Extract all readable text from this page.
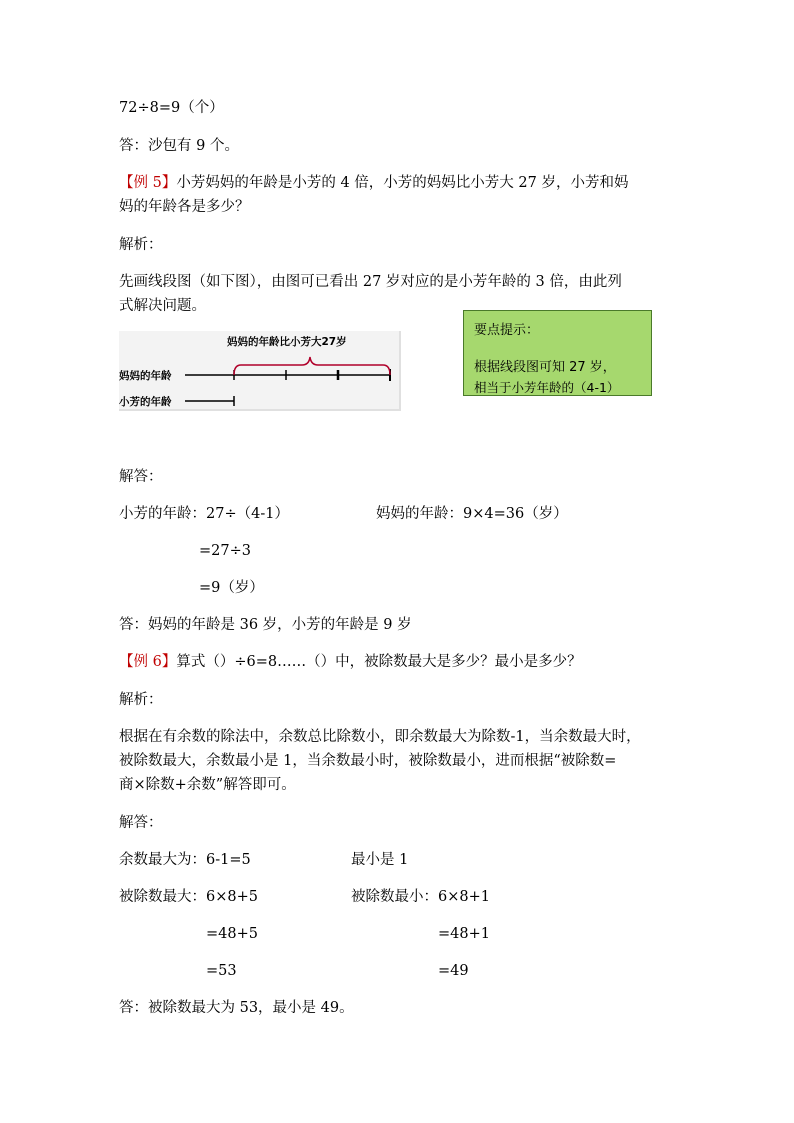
72÷8=9（个）
答：沙包有 9 个。
【例 5】小芳妈妈的年龄是小芳的 4 倍，小芳的妈妈比小芳大 27 岁，小芳和妈
妈的年龄各是多少？
解析：
先画线段图（如下图），由图可已看出 27 岁对应的是小芳年龄的 3 倍，由此列
式解决问题。
妈妈的年龄比小芳大27岁
妈妈的年龄
小芳的年龄
要点提示：
根据线段图可知 27 岁，
相当于小芳年龄的（4-1）
解答：
小芳的年龄：27÷（4-1）	妈妈的年龄：9×4=36（岁）
=27÷3
=9（岁）
答：妈妈的年龄是 36 岁，小芳的年龄是 9 岁
【例 6】算式（）÷6=8……（）中，被除数最大是多少？最小是多少？
解析：
根据在有余数的除法中，余数总比除数小，即余数最大为除数-1，当余数最大时，
被除数最大，余数最小是 1，当余数最小时，被除数最小，进而根据“被除数=
商×除数+余数”解答即可。
解答：
余数最大为：6-1=5	最小是 1
被除数最大：6×8+5	被除数最小：6×8+1
=48+5	=48+1
=53	=49
答：被除数最大为 53，最小是 49。
